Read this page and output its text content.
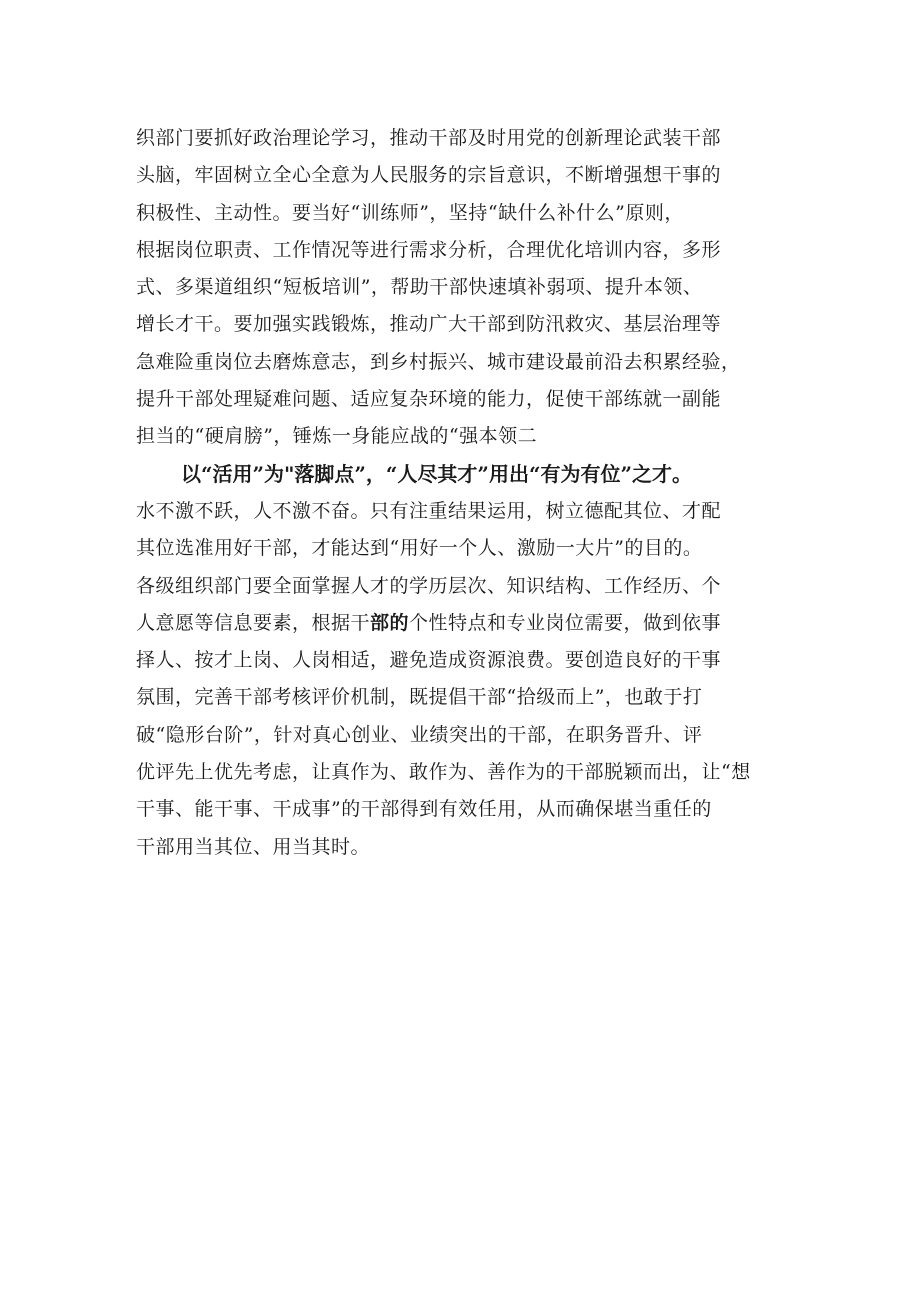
织部门要抓好政治理论学习，推动干部及时用党的创新理论武装干部
头脑，牢固树立全心全意为人民服务的宗旨意识，不断增强想干事的
积极性、主动性。要当好“训练师”，坚持“缺什么补什么”原则，
根据岗位职责、工作情况等进行需求分析，合理优化培训内容，多形
式、多渠道组织“短板培训”，帮助干部快速填补弱项、提升本领、
增长才干。要加强实践锻炼，推动广大干部到防汛救灾、基层治理等
急难险重岗位去磨炼意志，到乡村振兴、城市建设最前沿去积累经验，
提升干部处理疑难问题、适应复杂环境的能力，促使干部练就一副能
担当的“硬肩膀”，锤炼一身能应战的“强本领二
以“活用”为"落脚点”，“人尽其才”用出“有为有位”之才。
水不激不跃，人不激不奋。只有注重结果运用，树立德配其位、才配
其位选准用好干部，才能达到“用好一个人、激励一大片”的目的。
各级组织部门要全面掌握人才的学历层次、知识结构、工作经历、个
人意愿等信息要素，根据干部的个性特点和专业岗位需要，做到依事
择人、按才上岗、人岗相适，避免造成资源浪费。要创造良好的干事
氛围，完善干部考核评价机制，既提倡干部“拾级而上”，也敢于打
破“隐形台阶”，针对真心创业、业绩突出的干部，在职务晋升、评
优评先上优先考虑，让真作为、敢作为、善作为的干部脱颖而出，让“想
干事、能干事、干成事”的干部得到有效任用，从而确保堪当重任的
干部用当其位、用当其时。
